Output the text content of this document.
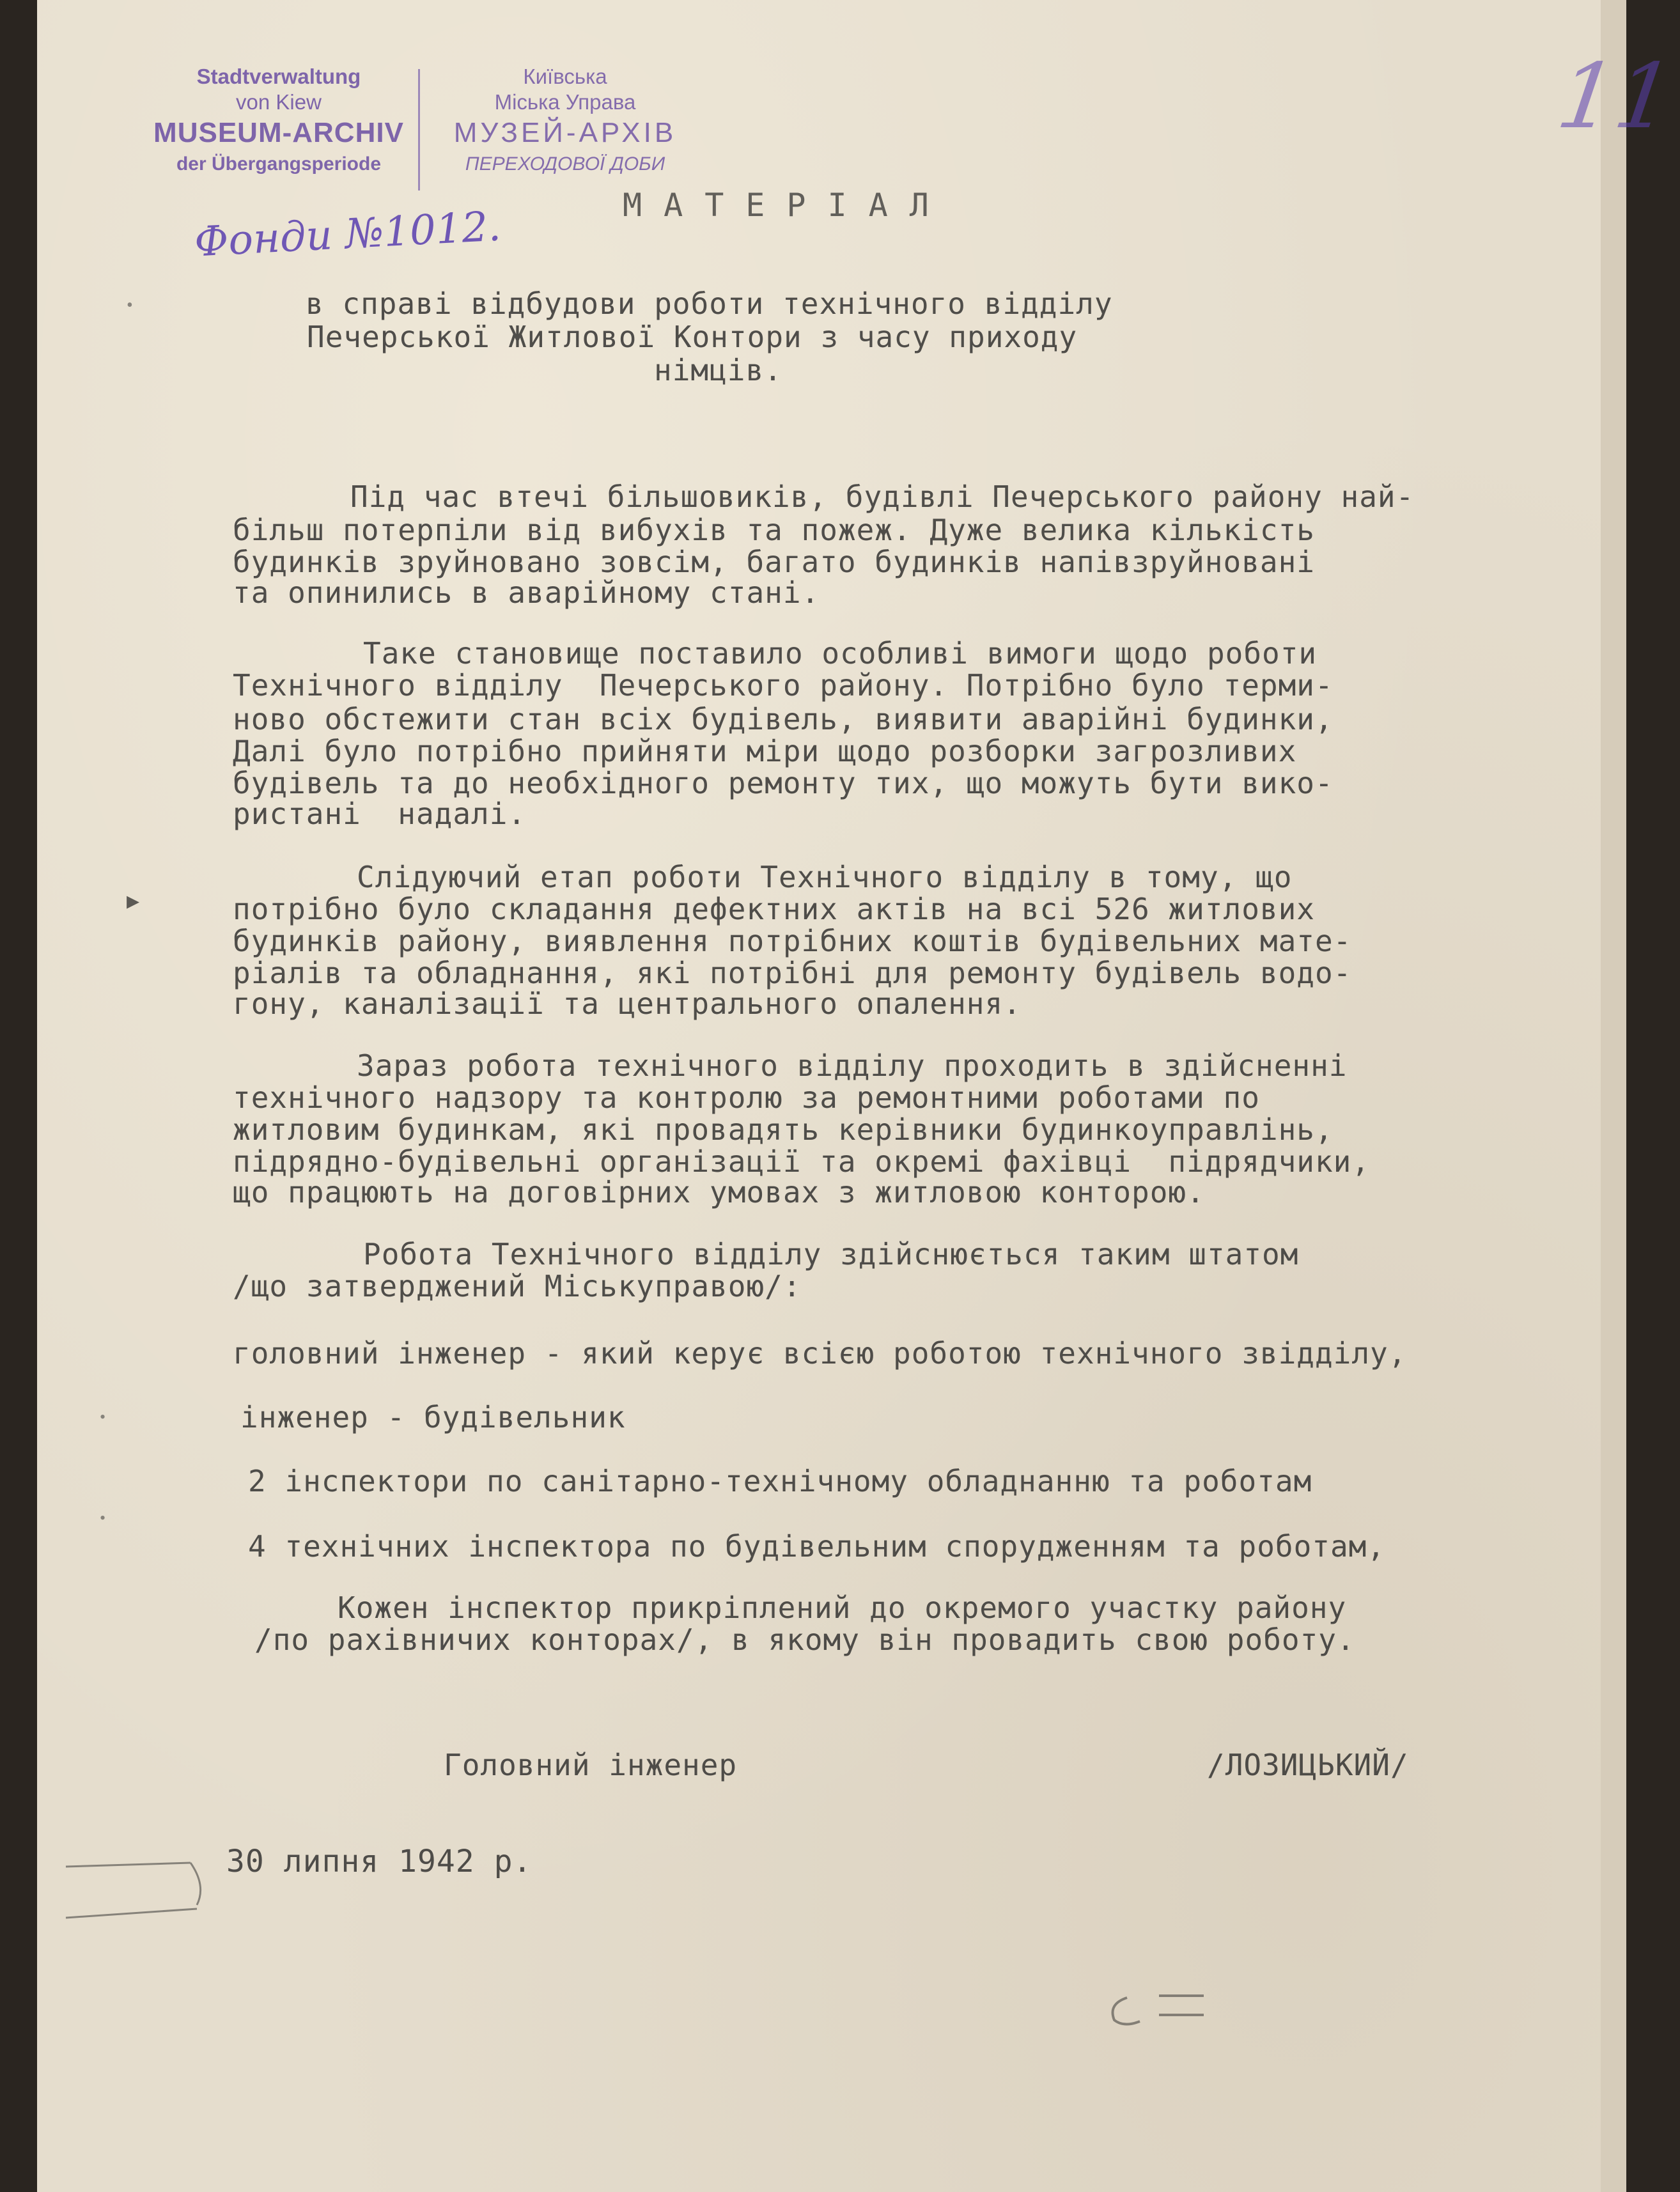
Stadtverwaltung
von Kiew
MUSEUM-ARCHIV
der Übergangsperiode
Київська
Міська Управа
МУЗЕЙ-АРХІВ
ПЕРЕХОДОВОЇ ДОБИ
11
Фонди №1012.	МАТЕРІАЛ
в справі відбудови роботи технічного відділу
Печерської Житлової Контори з часу приходу
німців.
Під час втечі більшовиків, будівлі Печерського району най-
більш потерпіли від вибухів та пожеж. Дуже велика кількість
будинків зруйновано зовсім, багато будинків напівзруйновані
та опинились в аварійному стані.
Таке становище поставило особливі вимоги щодо роботи
Технічного відділу  Печерського району. Потрібно було терми-
ново обстежити стан всіх будівель, виявити аварійні будинки,
Далі було потрібно прийняти міри щодо розборки загрозливих
будівель та до необхідного ремонту тих, що можуть бути вико-
ристані  надалі.
Слідуючий етап роботи Технічного відділу в тому, що
потрібно було складання дефектних актів на всі 526 житлових
будинків району, виявлення потрібних коштів будівельних мате-
ріалів та обладнання, які потрібні для ремонту будівель водо-
гону, каналізації та центрального опалення.
Зараз робота технічного відділу проходить в здійсненні
технічного надзору та контролю за ремонтними роботами по
житловим будинкам, які провадять керівники будинкоуправлінь,
підрядно-будівельні організації та окремі фахівці  підрядчики,
що працюють на договірних умовах з житловою конторою.
Робота Технічного відділу здійснюється таким штатом
/що затверджений Міськуправою/:
головний інженер - який керує всією роботою технічного звідділу,
інженер - будівельник
2 інспектори по санітарно-технічному обладнанню та роботам
4 технічних інспектора по будівельним спорудженням та роботам,
Кожен інспектор прикріплений до окремого участку району
/по рахівничих конторах/, в якому він провадить свою роботу.
Головний інженер	/ЛОЗИЦЬКИЙ/
30 липня 1942 р.
•
▸
•
•
